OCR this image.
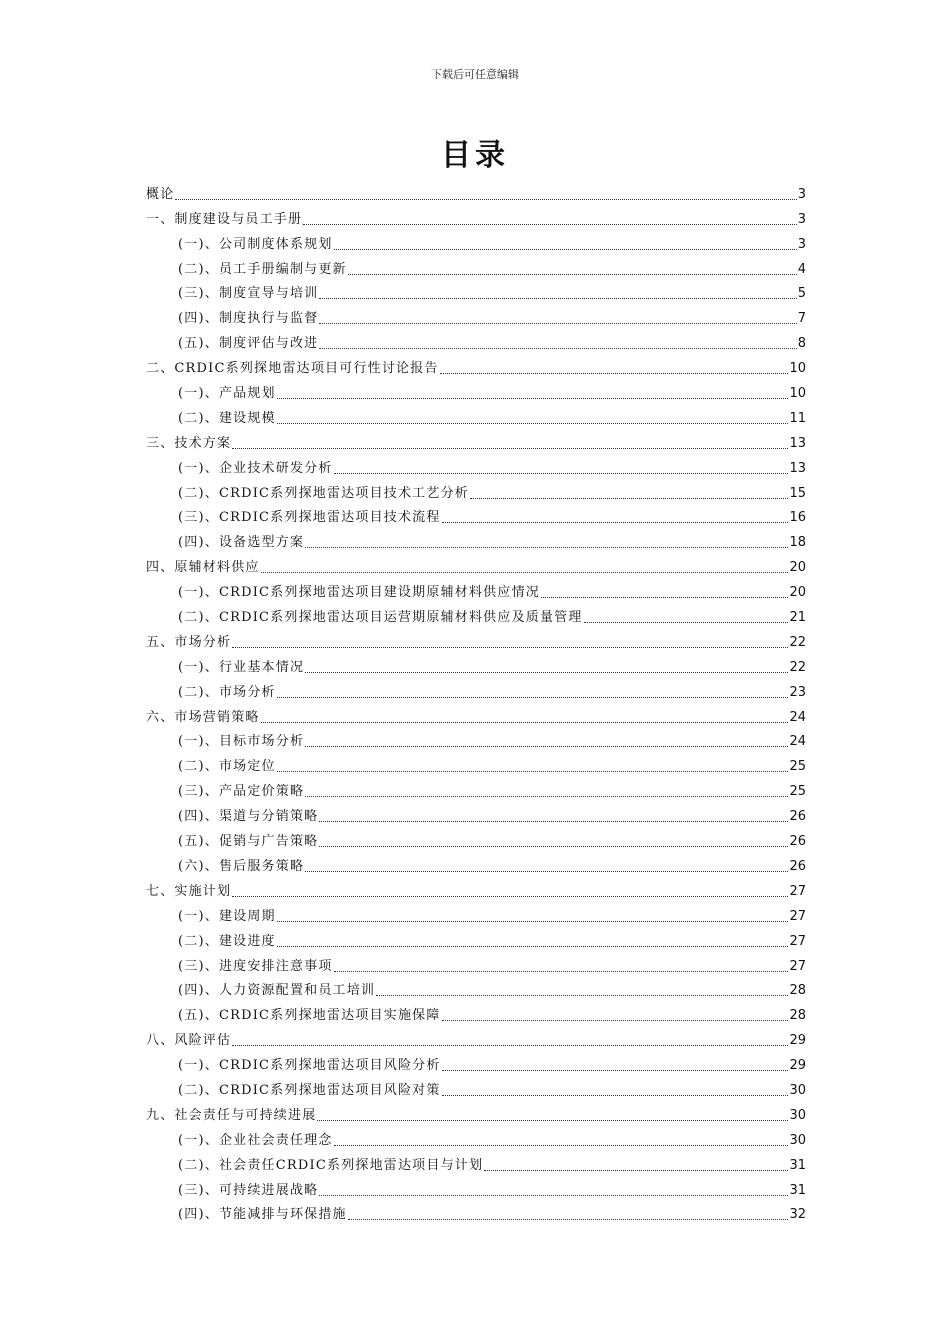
下载后可任意编辑
目录
概论	3
一、制度建设与员工手册	3
(一)、公司制度体系规划	3
(二)、员工手册编制与更新	4
(三)、制度宣导与培训	5
(四)、制度执行与监督	7
(五)、制度评估与改进	8
二、CRDIC系列探地雷达项目可行性讨论报告	10
(一)、产品规划	10
(二)、建设规模	11
三、技术方案	13
(一)、企业技术研发分析	13
(二)、CRDIC系列探地雷达项目技术工艺分析	15
(三)、CRDIC系列探地雷达项目技术流程	16
(四)、设备选型方案	18
四、原辅材料供应	20
(一)、CRDIC系列探地雷达项目建设期原辅材料供应情况	20
(二)、CRDIC系列探地雷达项目运营期原辅材料供应及质量管理	21
五、市场分析	22
(一)、行业基本情况	22
(二)、市场分析	23
六、市场营销策略	24
(一)、目标市场分析	24
(二)、市场定位	25
(三)、产品定价策略	25
(四)、渠道与分销策略	26
(五)、促销与广告策略	26
(六)、售后服务策略	26
七、实施计划	27
(一)、建设周期	27
(二)、建设进度	27
(三)、进度安排注意事项	27
(四)、人力资源配置和员工培训	28
(五)、CRDIC系列探地雷达项目实施保障	28
八、风险评估	29
(一)、CRDIC系列探地雷达项目风险分析	29
(二)、CRDIC系列探地雷达项目风险对策	30
九、社会责任与可持续进展	30
(一)、企业社会责任理念	30
(二)、社会责任CRDIC系列探地雷达项目与计划	31
(三)、可持续进展战略	31
(四)、节能减排与环保措施	32
